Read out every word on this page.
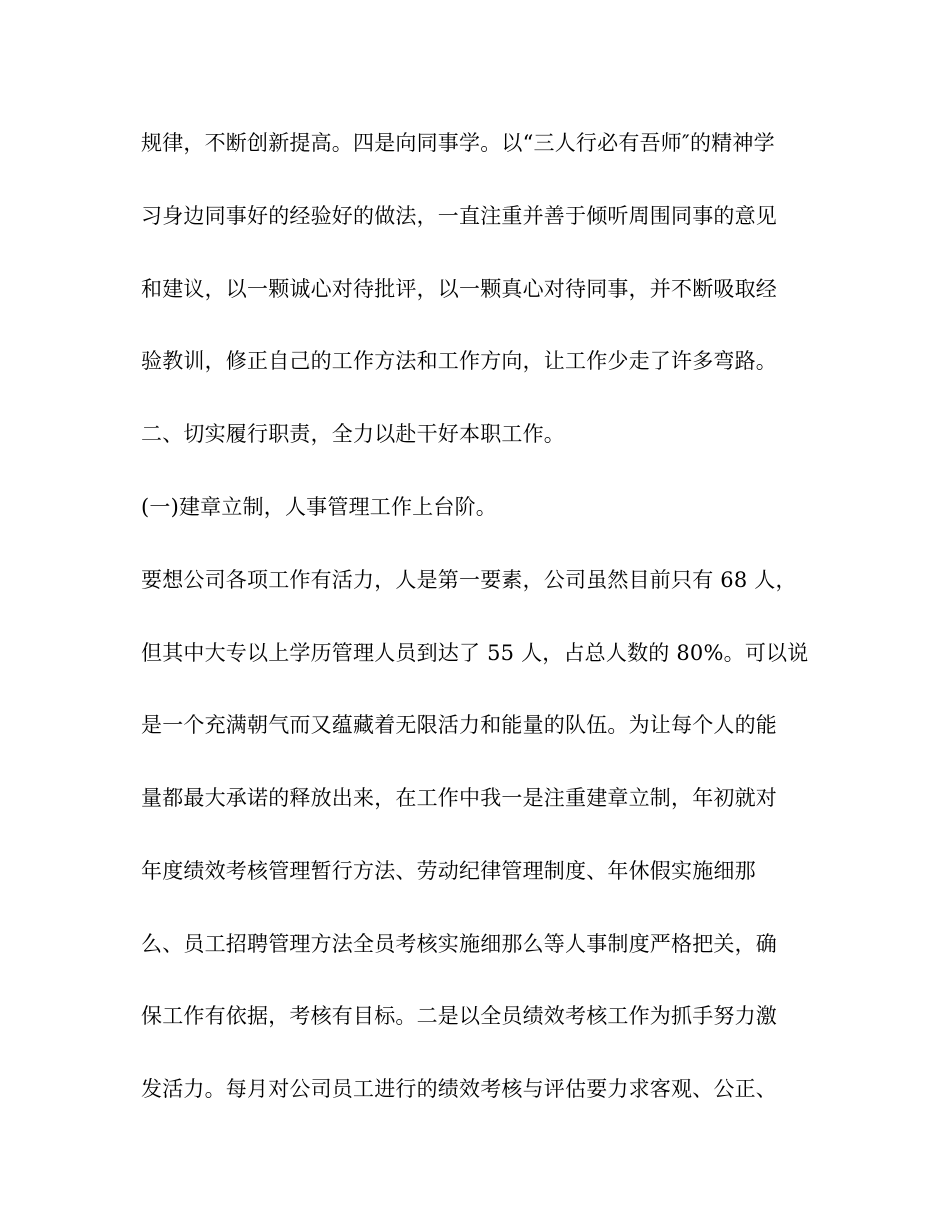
规律，不断创新提高。四是向同事学。以“三人行必有吾师″的精神学
习身边同事好的经验好的做法，一直注重并善于倾听周围同事的意见
和建议，以一颗诚心对待批评，以一颗真心对待同事，并不断吸取经
验教训，修正自己的工作方法和工作方向，让工作少走了许多弯路。
二、切实履行职责，全力以赴干好本职工作。
(一)建章立制，人事管理工作上台阶。
要想公司各项工作有活力，人是第一要素，公司虽然目前只有 68 人，
但其中大专以上学历管理人员到达了 55 人，占总人数的 80%。可以说
是一个充满朝气而又蕴藏着无限活力和能量的队伍。为让每个人的能
量都最大承诺的释放出来，在工作中我一是注重建章立制，年初就对
年度绩效考核管理暂行方法、劳动纪律管理制度、年休假实施细那
么、员工招聘管理方法全员考核实施细那么等人事制度严格把关，确
保工作有依据，考核有目标。二是以全员绩效考核工作为抓手努力激
发活力。每月对公司员工进行的绩效考核与评估要力求客观、公正、
